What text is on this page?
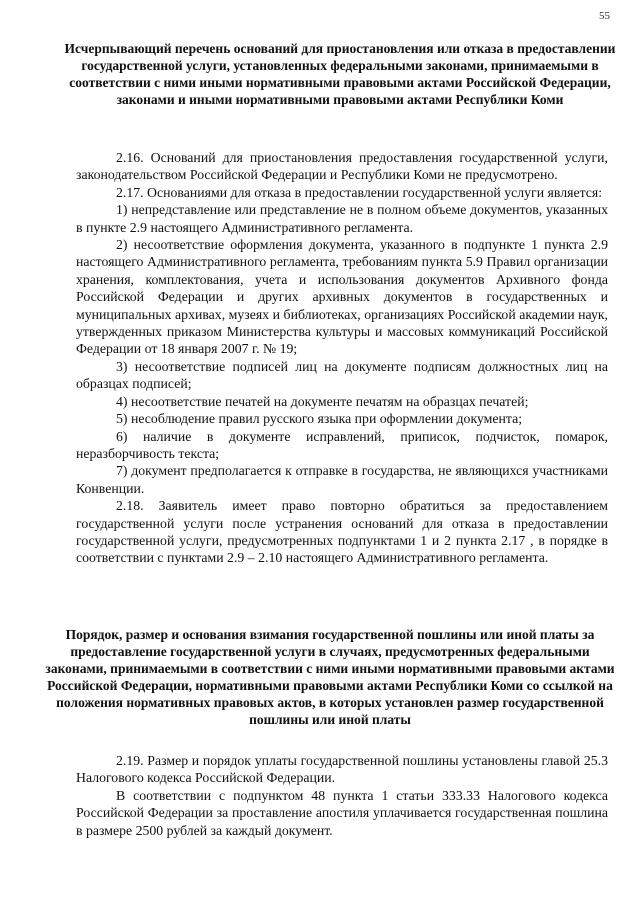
55
Исчерпывающий перечень оснований для приостановления или отказа в предоставлении государственной услуги, установленных федеральными законами, принимаемыми в соответствии с ними иными нормативными правовыми актами Российской Федерации, законами и иными нормативными правовыми актами Республики Коми

2.16. Оснований для приостановления предоставления государственной услуги, законодательством Российской Федерации и Республики Коми не предусмотрено.

2.17. Основаниями для отказа в предоставлении государственной услуги является:

1) непредставление или представление не в полном объеме документов, указанных в пункте 2.9 настоящего Административного регламента.

2) несоответствие оформления документа, указанного в подпункте 1 пункта 2.9 настоящего Административного регламента, требованиям пункта 5.9 Правил организации хранения, комплектования, учета и использования документов Архивного фонда Российской Федерации и других архивных документов в государственных и муниципальных архивах, музеях и библиотеках, организациях Российской академии наук, утвержденных приказом Министерства культуры и массовых коммуникаций Российской Федерации от 18 января 2007 г. № 19;

3) несоответствие подписей лиц на документе подписям должностных лиц на образцах подписей;

4) несоответствие печатей на документе печатям на образцах печатей;

5) несоблюдение правил русского языка при оформлении документа;

6) наличие в документе исправлений, приписок, подчисток, помарок, неразборчивость текста;

7) документ предполагается к отправке в государства, не являющихся участниками Конвенции.

2.18. Заявитель имеет право повторно обратиться за предоставлением государственной услуги после устранения оснований для отказа в предоставлении государственной услуги, предусмотренных подпунктами 1 и 2 пункта 2.17 , в порядке в соответствии с пунктами 2.9 – 2.10 настоящего Административного регламента.

Порядок, размер и основания взимания государственной пошлины или иной платы за предоставление государственной услуги в случаях, предусмотренных федеральными законами, принимаемыми в соответствии с ними иными нормативными правовыми актами Российской Федерации, нормативными правовыми актами Республики Коми со ссылкой на положения нормативных правовых актов, в которых установлен размер государственной пошлины или иной платы

2.19. Размер и порядок уплаты государственной пошлины установлены главой 25.3 Налогового кодекса Российской Федерации.

В соответствии с подпунктом 48 пункта 1 статьи 333.33 Налогового кодекса Российской Федерации за проставление апостиля уплачивается государственная пошлина в размере 2500 рублей за каждый документ.
